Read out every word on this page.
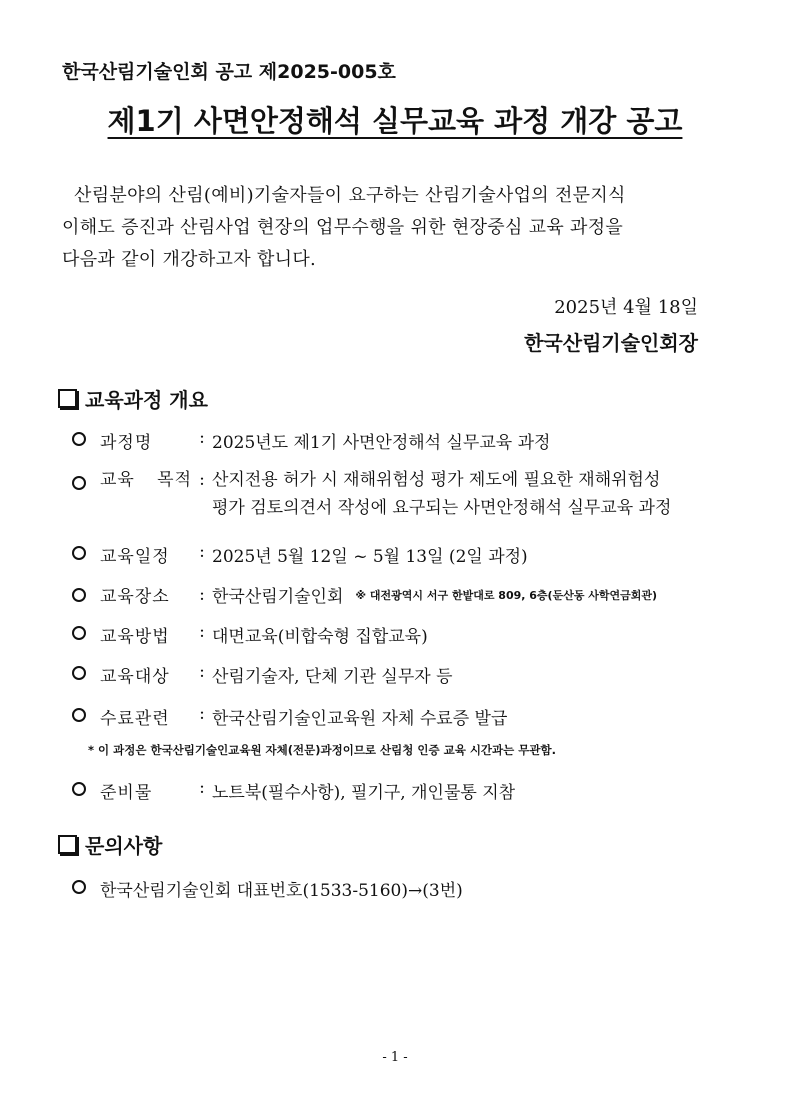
한국산림기술인회 공고 제2025-005호
제1기 사면안정해석 실무교육 과정 개강 공고
산림분야의 산림(예비)기술자들이 요구하는 산림기술사업의 전문지식
이해도 증진과 산림사업 현장의 업무수행을 위한 현장중심 교육 과정을
다음과 같이 개강하고자 합니다.
2025년 4월 18일
한국산림기술인회장
교육과정 개요
과정명	: 2025년도 제1기 사면안정해석 실무교육 과정
교육 목적 : 산지전용 허가 시 재해위험성 평가 제도에 필요한 재해위험성
평가 검토의견서 작성에 요구되는 사면안정해석 실무교육 과정
교육일정	: 2025년 5월 12일 ~ 5월 13일 (2일 과정)
교육장소	: 한국산림기술인회 ※ 대전광역시 서구 한밭대로 809, 6층(둔산동 사학연금회관)
교육방법	: 대면교육(비합숙형 집합교육)
교육대상	: 산림기술자, 단체 기관 실무자 등
수료관련	: 한국산림기술인교육원 자체 수료증 발급
* 이 과정은 한국산림기술인교육원 자체(전문)과정이므로 산림청 인증 교육 시간과는 무관함.
준비물	: 노트북(필수사항), 필기구, 개인물통 지참
문의사항
한국산림기술인회 대표번호(1533-5160)→(3번)
- 1 -
